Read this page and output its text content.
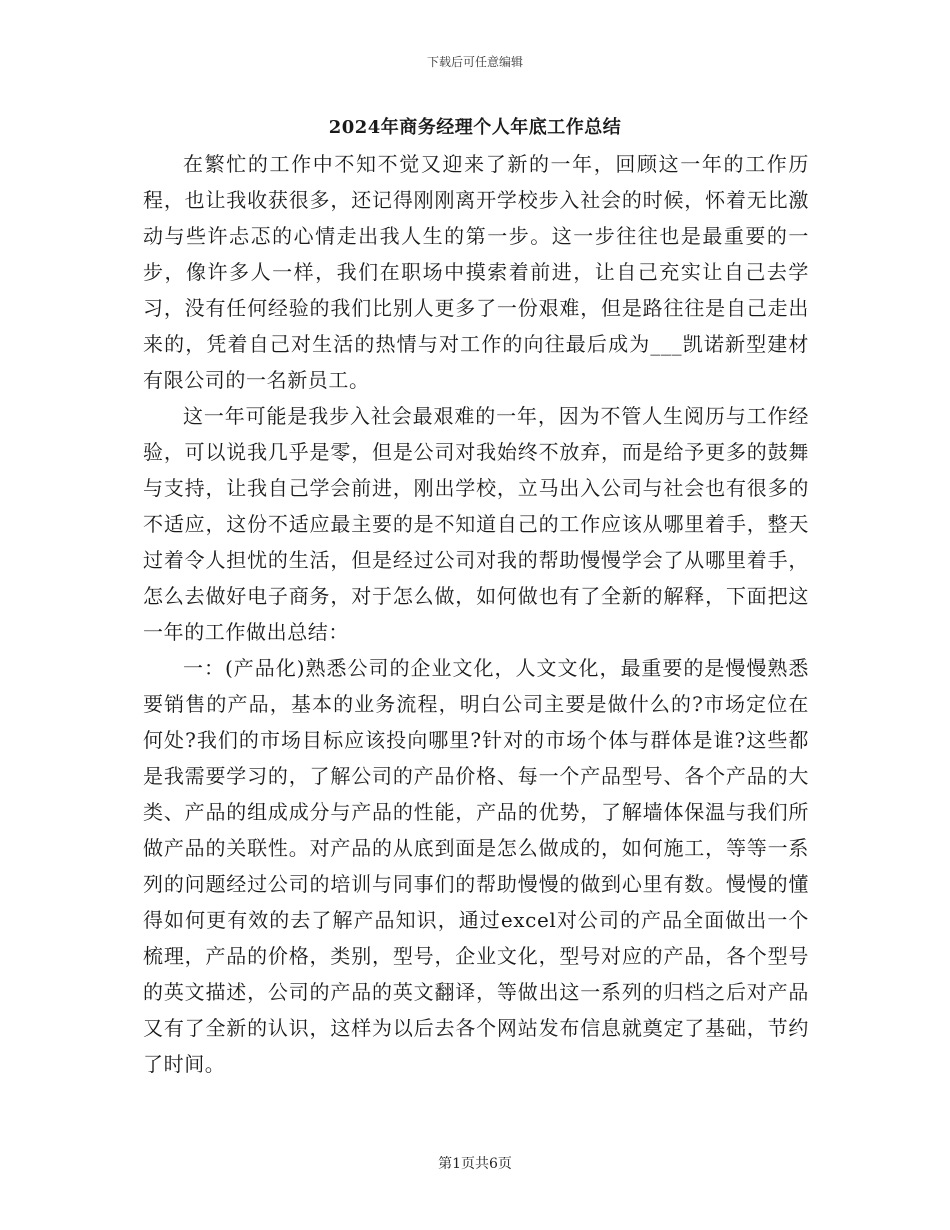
下载后可任意编辑
2024年商务经理个人年底工作总结

在繁忙的工作中不知不觉又迎来了新的一年，回顾这一年的工作历程，也让我收获很多，还记得刚刚离开学校步入社会的时候，怀着无比激动与些许忐忑的心情走出我人生的第一步。这一步往往也是最重要的一步，像许多人一样，我们在职场中摸索着前进，让自己充实让自己去学习，没有任何经验的我们比别人更多了一份艰难，但是路往往是自己走出来的，凭着自己对生活的热情与对工作的向往最后成为___凯诺新型建材有限公司的一名新员工。

这一年可能是我步入社会最艰难的一年，因为不管人生阅历与工作经验，可以说我几乎是零，但是公司对我始终不放弃，而是给予更多的鼓舞与支持，让我自己学会前进，刚出学校，立马出入公司与社会也有很多的不适应，这份不适应最主要的是不知道自己的工作应该从哪里着手，整天过着令人担忧的生活，但是经过公司对我的帮助慢慢学会了从哪里着手，怎么去做好电子商务，对于怎么做，如何做也有了全新的解释，下面把这一年的工作做出总结：

一：(产品化)熟悉公司的企业文化，人文文化，最重要的是慢慢熟悉要销售的产品，基本的业务流程，明白公司主要是做什么的?市场定位在何处?我们的市场目标应该投向哪里?针对的市场个体与群体是谁?这些都是我需要学习的，了解公司的产品价格、每一个产品型号、各个产品的大类、产品的组成成分与产品的性能，产品的优势，了解墙体保温与我们所做产品的关联性。对产品的从底到面是怎么做成的，如何施工，等等一系列的问题经过公司的培训与同事们的帮助慢慢的做到心里有数。慢慢的懂得如何更有效的去了解产品知识，通过excel对公司的产品全面做出一个梳理，产品的价格，类别，型号，企业文化，型号对应的产品，各个型号的英文描述，公司的产品的英文翻译，等做出这一系列的归档之后对产品又有了全新的认识，这样为以后去各个网站发布信息就奠定了基础，节约了时间。

第1页共6页
